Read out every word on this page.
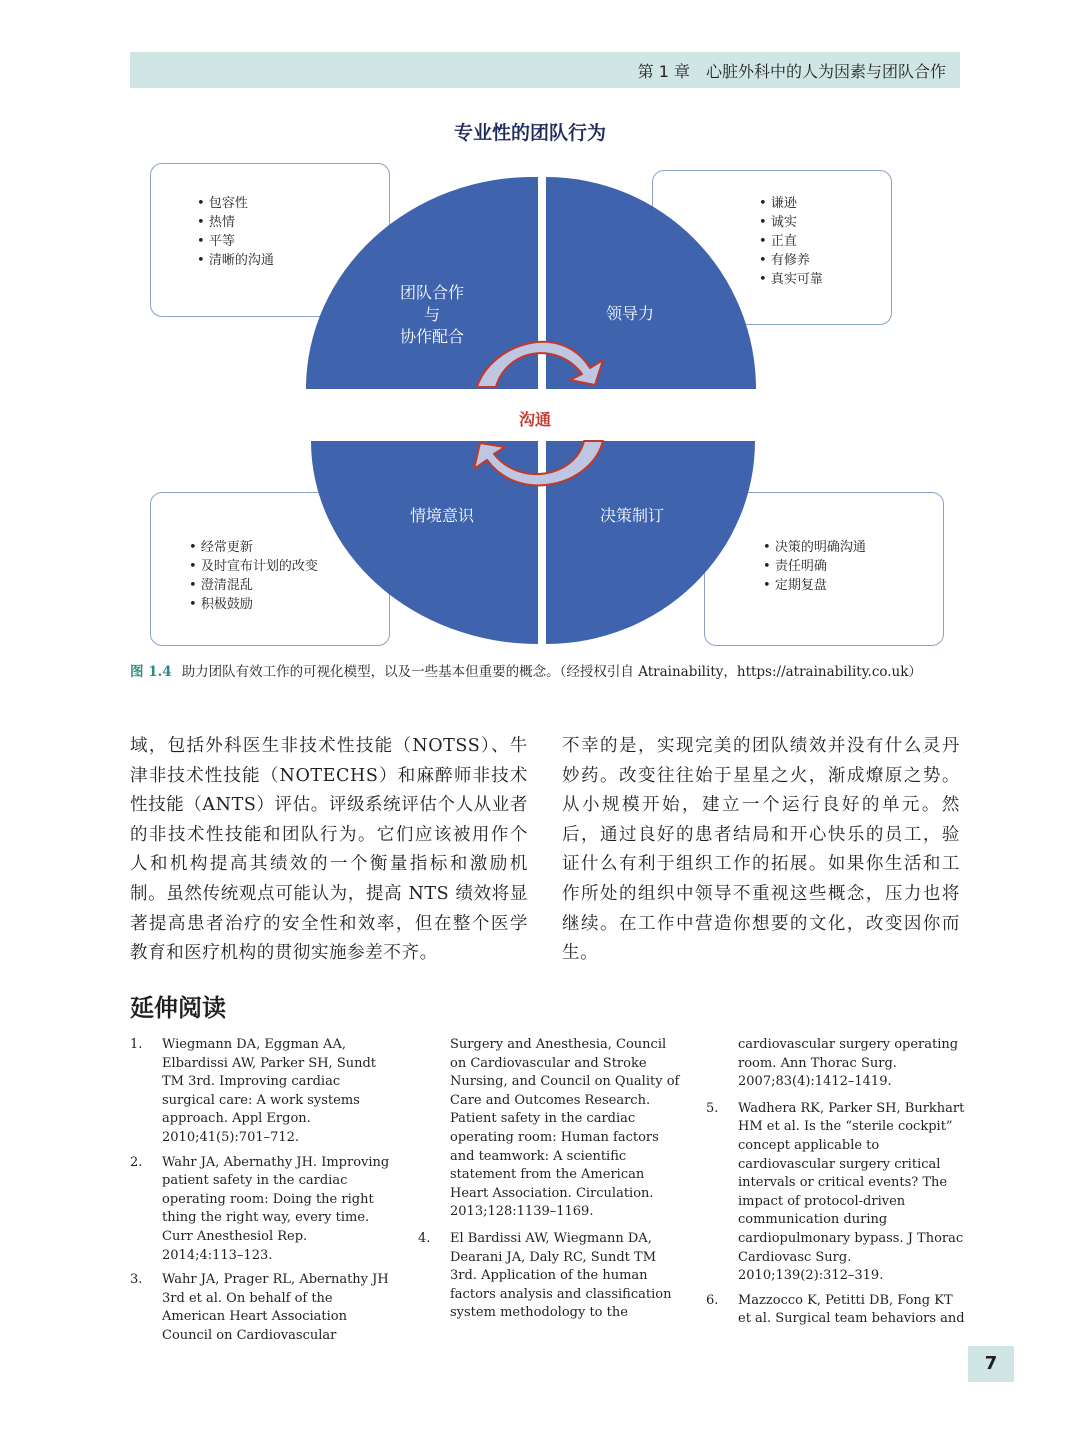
第 1 章　心脏外科中的人为因素与团队合作
专业性的团队行为
• 包容性
• 热情
• 平等
• 清晰的沟通
• 谦逊
• 诚实
• 正直
• 有修养
• 真实可靠
• 经常更新
• 及时宣布计划的改变
• 澄清混乱
• 积极鼓励
• 决策的明确沟通
• 责任明确
• 定期复盘
团队合作
与
协作配合
领导力
情境意识	决策制订
沟通
图 1.4 助力团队有效工作的可视化模型，以及一些基本但重要的概念。（经授权引自 Atrainability，https://atrainability.co.uk）
域，包括外科医生非技术性技能（NOTSS）、牛津非技术性技能（NOTECHS）和麻醉师非技术性技能（ANTS）评估。评级系统评估个人从业者的非技术性技能和团队行为。它们应该被用作个人和机构提高其绩效的一个衡量指标和激励机制。虽然传统观点可能认为，提高 NTS 绩效将显著提高患者治疗的安全性和效率，但在整个医学教育和医疗机构的贯彻实施参差不齐。
不幸的是，实现完美的团队绩效并没有什么灵丹妙药。改变往往始于星星之火，渐成燎原之势。从小规模开始，建立一个运行良好的单元。然后，通过良好的患者结局和开心快乐的员工，验证什么有利于组织工作的拓展。如果你生活和工作所处的组织中领导不重视这些概念，压力也将继续。在工作中营造你想要的文化，改变因你而生。
延伸阅读
1. Wiegmann DA, Eggman AA, Elbardissi AW, Parker SH, Sundt TM 3rd. Improving cardiac surgical care: A work systems approach. Appl Ergon. 2010;41(5):701–712.
2. Wahr JA, Abernathy JH. Improving patient safety in the cardiac operating room: Doing the right thing the right way, every time. Curr Anesthesiol Rep. 2014;4:113–123.
3. Wahr JA, Prager RL, Abernathy JH 3rd et al. On behalf of the American Heart Association Council on Cardiovascular
Surgery and Anesthesia, Council on Cardiovascular and Stroke Nursing, and Council on Quality of Care and Outcomes Research. Patient safety in the cardiac operating room: Human factors and teamwork: A scientific statement from the American Heart Association. Circulation. 2013;128:1139–1169.
4. El Bardissi AW, Wiegmann DA, Dearani JA, Daly RC, Sundt TM 3rd. Application of the human factors analysis and classification system methodology to the
cardiovascular surgery operating room. Ann Thorac Surg. 2007;83(4):1412–1419.
5. Wadhera RK, Parker SH, Burkhart HM et al. Is the “sterile cockpit” concept applicable to cardiovascular surgery critical intervals or critical events? The impact of protocol-driven communication during cardiopulmonary bypass. J Thorac Cardiovasc Surg. 2010;139(2):312–319.
6. Mazzocco K, Petitti DB, Fong KT et al. Surgical team behaviors and
7
